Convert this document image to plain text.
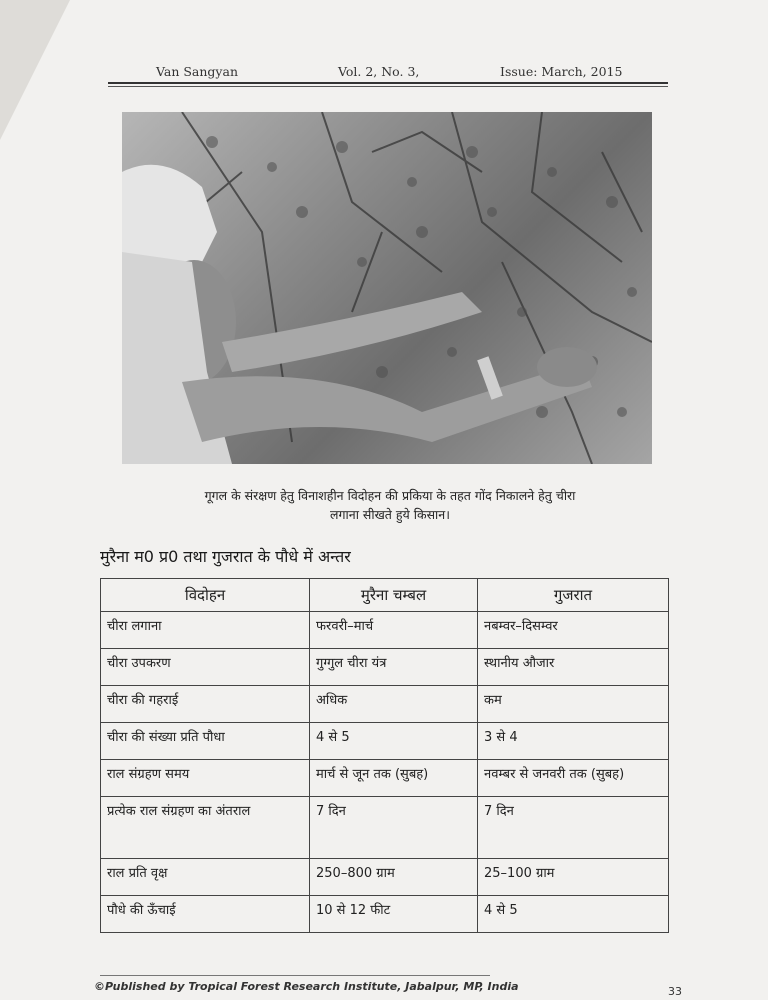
Van Sangyan	Vol. 2, No. 3,	Issue: March, 2015
गूगल के संरक्षण हेतु विनाशहीन विदोहन की प्रकिया के तहत गोंद निकालने हेतु चीरा
लगाना सीखते हुये किसान।
मुरैना म0 प्र0 तथा गुजरात के पौधे में अन्तर
विदोहन	मुरैना चम्बल	गुजरात
चीरा लगाना	फरवरी–मार्च	नबम्वर–दिसम्वर
चीरा उपकरण	गुग्गुल चीरा यंत्र	स्थानीय औजार
चीरा की गहराई	अधिक	कम
चीरा की संख्या प्रति पौधा	4 से 5	3 से 4
राल संग्रहण समय	मार्च से जून तक (सुबह)	नवम्बर से जनवरी तक (सुबह)
प्रत्येक राल संग्रहण का अंतराल	7 दिन	7 दिन
राल प्रति वृक्ष	250–800 ग्राम	25–100 ग्राम
पौधे की ऊँचाई	10 से 12 फीट	4 से 5
©Published by Tropical Forest Research Institute, Jabalpur, MP, India	33
